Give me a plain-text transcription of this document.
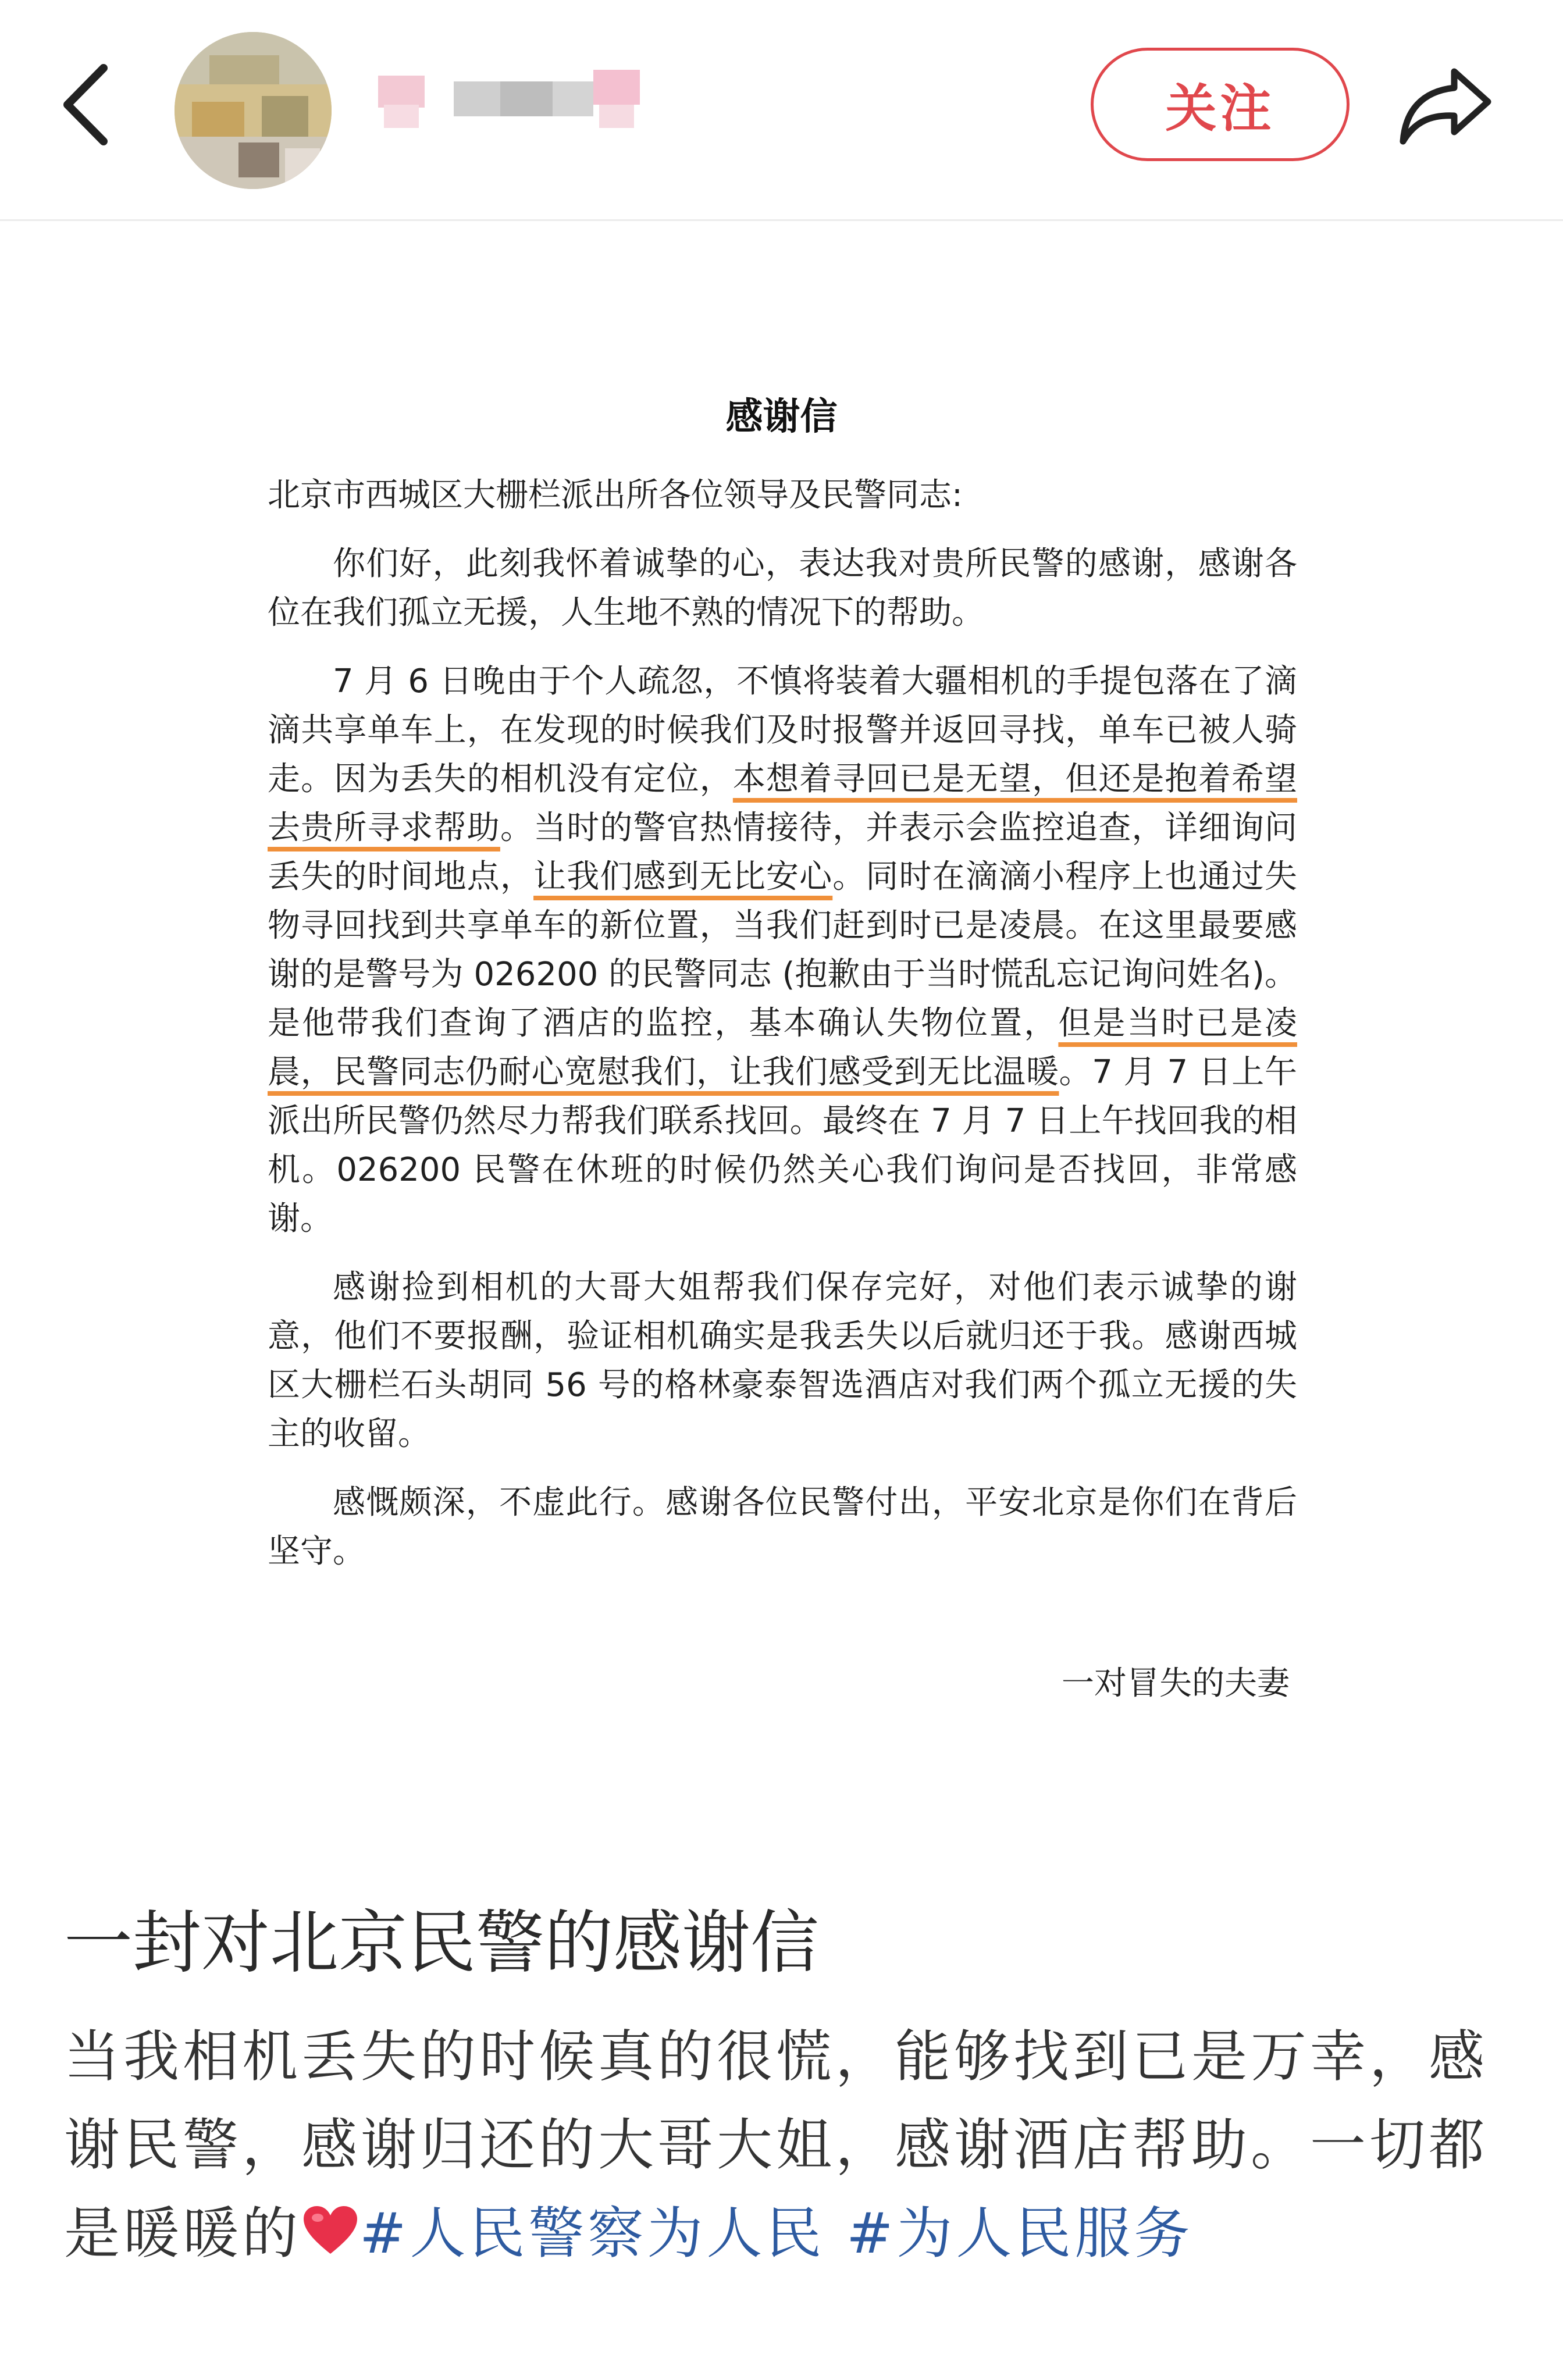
关注
感谢信

北京市西城区大栅栏派出所各位领导及民警同志:

你们好，此刻我怀着诚挚的心，表达我对贵所民警的感谢，感谢各位在我们孤立无援，人生地不熟的情况下的帮助。

7 月 6 日晚由于个人疏忽，不慎将装着大疆相机的手提包落在了滴滴共享单车上，在发现的时候我们及时报警并返回寻找，单车已被人骑走。因为丢失的相机没有定位，本想着寻回已是无望，但还是抱着希望去贵所寻求帮助。当时的警官热情接待，并表示会监控追查，详细询问丢失的时间地点，让我们感到无比安心。同时在滴滴小程序上也通过失物寻回找到共享单车的新位置，当我们赶到时已是凌晨。在这里最要感谢的是警号为 026200 的民警同志 (抱歉由于当时慌乱忘记询问姓名)。是他带我们查询了酒店的监控，基本确认失物位置，但是当时已是凌晨，民警同志仍耐心宽慰我们，让我们感受到无比温暖。7 月 7 日上午派出所民警仍然尽力帮我们联系找回。最终在 7 月 7 日上午找回我的相机。026200 民警在休班的时候仍然关心我们询问是否找回，非常感谢。

感谢捡到相机的大哥大姐帮我们保存完好，对他们表示诚挚的谢意，他们不要报酬，验证相机确实是我丢失以后就归还于我。感谢西城区大栅栏石头胡同 56 号的格林豪泰智选酒店对我们两个孤立无援的失主的收留。

感慨颇深，不虚此行。感谢各位民警付出，平安北京是你们在背后坚守。

一对冒失的夫妻
一封对北京民警的感谢信
当我相机丢失的时候真的很慌，能够找到已是万幸，感谢民警，感谢归还的大哥大姐，感谢酒店帮助。一切都是暖暖的 #人民警察为人民 #为人民服务
